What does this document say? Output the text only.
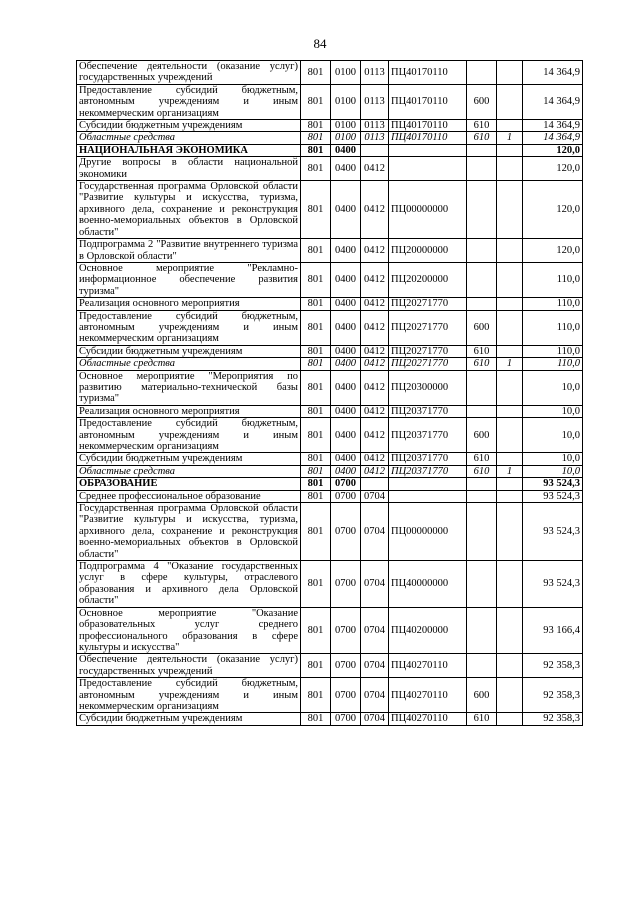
84
Обеспечение деятельности (оказание услуг) государственных учреждений	801	0100	0113	ПЦ40170110			14 364,9
Предоставление субсидий бюджетным, автономным учреждениям и иным некоммерческим организациям	801	0100	0113	ПЦ40170110	600		14 364,9
Субсидии бюджетным учреждениям	801	0100	0113	ПЦ40170110	610		14 364,9
Областные средства	801	0100	0113	ПЦ40170110	610	1	14 364,9
НАЦИОНАЛЬНАЯ ЭКОНОМИКА	801	0400					120,0
Другие вопросы в области национальной экономики	801	0400	0412				120,0
Государственная программа Орловской области "Развитие культуры и искусства, туризма, архивного дела, сохранение и реконструкция военно-мемориальных объектов в Орловской области"	801	0400	0412	ПЦ00000000			120,0
Подпрограмма 2 "Развитие внутреннего туризма в Орловской области"	801	0400	0412	ПЦ20000000			120,0
Основное мероприятие "Рекламно-информационное обеспечение развития туризма"	801	0400	0412	ПЦ20200000			110,0
Реализация основного мероприятия	801	0400	0412	ПЦ20271770			110,0
Предоставление субсидий бюджетным, автономным учреждениям и иным некоммерческим организациям	801	0400	0412	ПЦ20271770	600		110,0
Субсидии бюджетным учреждениям	801	0400	0412	ПЦ20271770	610		110,0
Областные средства	801	0400	0412	ПЦ20271770	610	1	110,0
Основное мероприятие "Мероприятия по развитию материально-технической базы туризма"	801	0400	0412	ПЦ20300000			10,0
Реализация основного мероприятия	801	0400	0412	ПЦ20371770			10,0
Предоставление субсидий бюджетным, автономным учреждениям и иным некоммерческим организациям	801	0400	0412	ПЦ20371770	600		10,0
Субсидии бюджетным учреждениям	801	0400	0412	ПЦ20371770	610		10,0
Областные средства	801	0400	0412	ПЦ20371770	610	1	10,0
ОБРАЗОВАНИЕ	801	0700					93 524,3
Среднее профессиональное образование	801	0700	0704				93 524,3
Государственная программа Орловской области "Развитие культуры и искусства, туризма, архивного дела, сохранение и реконструкция военно-мемориальных объектов в Орловской области"	801	0700	0704	ПЦ00000000			93 524,3
Подпрограмма 4 "Оказание государственных услуг в сфере культуры, отраслевого образования и архивного дела Орловской области"	801	0700	0704	ПЦ40000000			93 524,3
Основное мероприятие "Оказание образовательных услуг среднего профессионального образования в сфере культуры и искусства"	801	0700	0704	ПЦ40200000			93 166,4
Обеспечение деятельности (оказание услуг) государственных учреждений	801	0700	0704	ПЦ40270110			92 358,3
Предоставление субсидий бюджетным, автономным учреждениям и иным некоммерческим организациям	801	0700	0704	ПЦ40270110	600		92 358,3
Субсидии бюджетным учреждениям	801	0700	0704	ПЦ40270110	610		92 358,3
